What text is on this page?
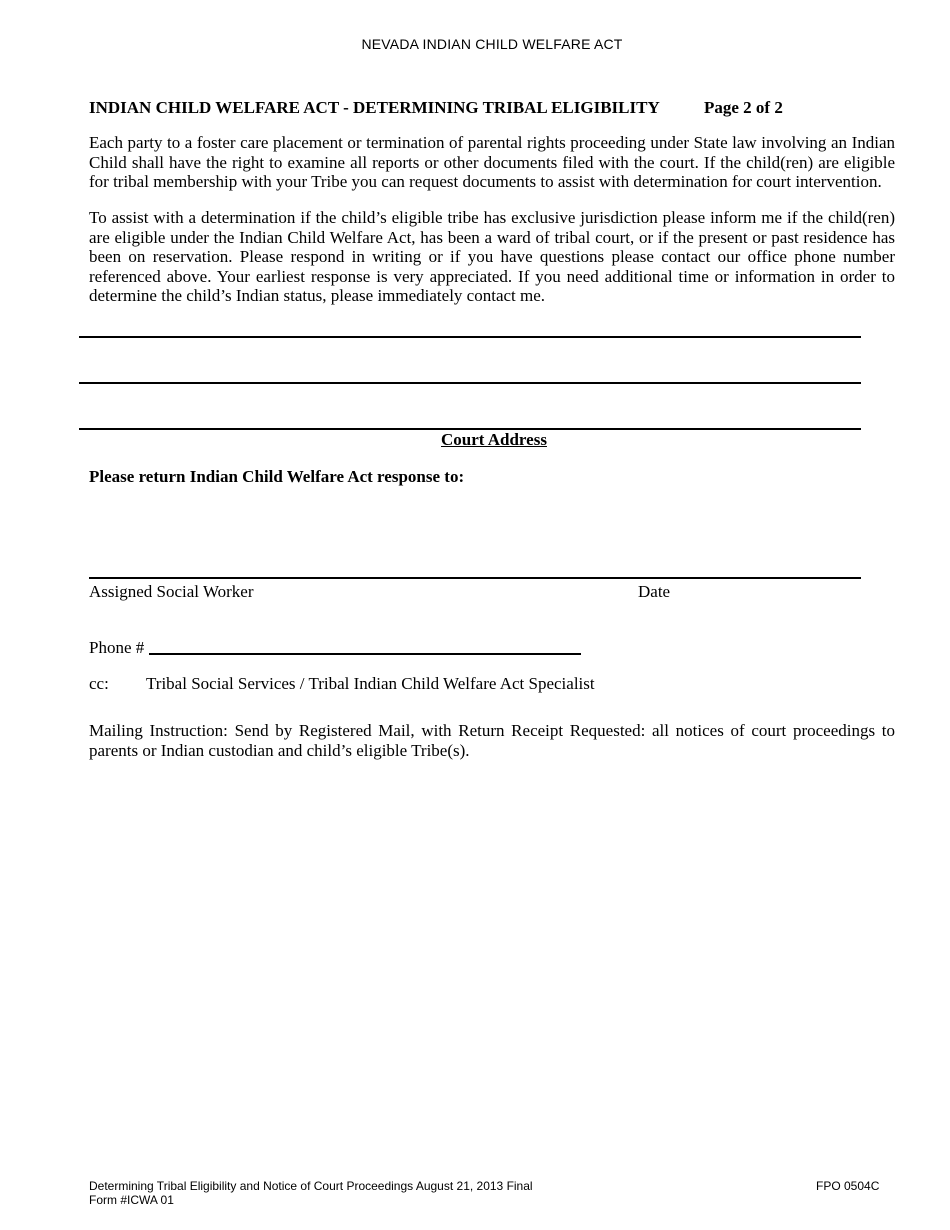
NEVADA INDIAN CHILD WELFARE ACT
INDIAN CHILD WELFARE ACT - DETERMINING TRIBAL ELIGIBILITY	Page 2 of 2
Each party to a foster care placement or termination of parental rights proceeding under State law involving an Indian Child shall have the right to examine all reports or other documents filed with the court. If the child(ren) are eligible for tribal membership with your Tribe you can request documents to assist with determination for court intervention.
To assist with a determination if the child’s eligible tribe has exclusive jurisdiction please inform me if the child(ren) are eligible under the Indian Child Welfare Act, has been a ward of tribal court, or if the present or past residence has been on reservation. Please respond in writing or if you have questions please contact our office phone number referenced above. Your earliest response is very appreciated. If you need additional time or information in order to determine the child’s Indian status, please immediately contact me.
Court Address
Please return Indian Child Welfare Act response to:
Assigned Social Worker	Date
Phone #
cc: Tribal Social Services / Tribal Indian Child Welfare Act Specialist
Mailing Instruction: Send by Registered Mail, with Return Receipt Requested: all notices of court proceedings to parents or Indian custodian and child’s eligible Tribe(s).
Determining Tribal Eligibility and Notice of Court Proceedings August 21, 2013 Final
Form #ICWA 01
FPO 0504C
